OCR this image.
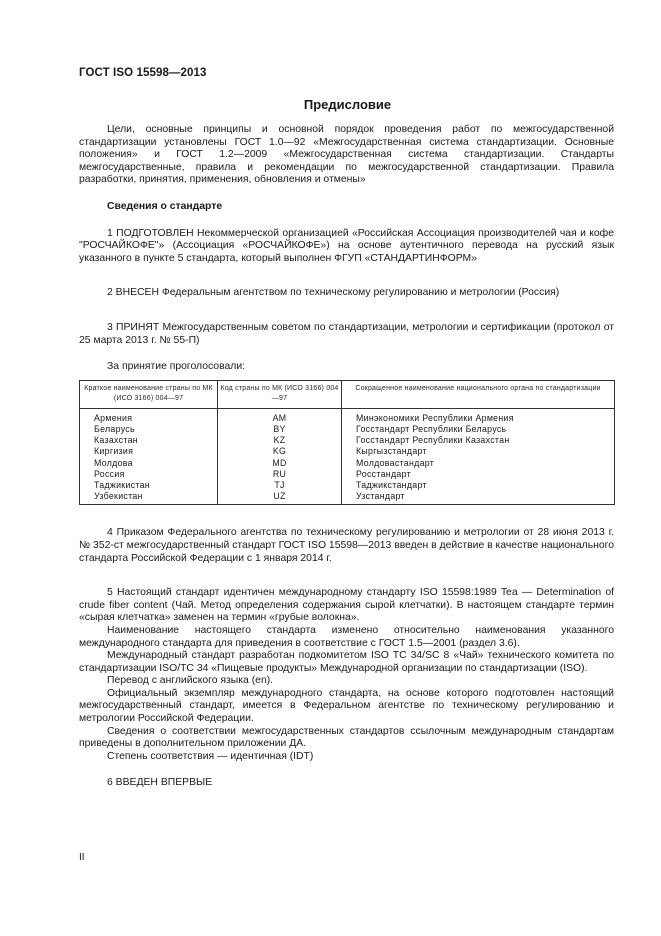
ГОСТ ISO 15598—2013
Предисловие

Цели, основные принципы и основной порядок проведения работ по межгосударственной стандартизации установлены ГОСТ 1.0—92 «Межгосударственная система стандартизации. Основные положения» и ГОСТ 1.2—2009 «Межгосударственная система стандартизации. Стандарты межгосударственные, правила и рекомендации по межгосударственной стандартизации. Правила разработки, принятия, применения, обновления и отмены»

Сведения о стандарте

1 ПОДГОТОВЛЕН Некоммерческой организацией «Российская Ассоциация производителей чая и кофе "РОСЧАЙКОФЕ"» (Ассоциация «РОСЧАЙКОФЕ») на основе аутентичного перевода на русский язык указанного в пункте 5 стандарта, который выполнен ФГУП «СТАНДАРТИНФОРМ»

2 ВНЕСЕН Федеральным агентством по техническому регулированию и метрологии (Россия)

3 ПРИНЯТ Межгосударственным советом по стандартизации, метрологии и сертификации (протокол от 25 марта 2013 г. № 55-П)

За принятие проголосовали:

Краткое наименование страны по МК (ИСО 3166) 004—97	Код страны по МК (ИСО 3166) 004—97	Сокращенное наименование национального органа по стандартизации
Армения	AM	Минэкономики Республики Армения
Беларусь	BY	Госстандарт Республики Беларусь
Казахстан	KZ	Госстандарт Республики Казахстан
Киргизия	KG	Кыргызстандарт
Молдова	MD	Молдовастандарт
Россия	RU	Росстандарт
Таджикистан	TJ	Таджикстандарт
Узбекистан	UZ	Узстандарт

4 Приказом Федерального агентства по техническому регулированию и метрологии от 28 июня 2013 г. № 352-ст межгосударственный стандарт ГОСТ ISO 15598—2013 введен в действие в качестве национального стандарта Российской Федерации с 1 января 2014 г.

5 Настоящий стандарт идентичен международному стандарту ISO 15598:1989 Tea — Determination of crude fiber content (Чай. Метод определения содержания сырой клетчатки). В настоящем стандарте термин «сырая клетчатка» заменен на термин «грубые волокна».

Наименование настоящего стандарта изменено относительно наименования указанного международного стандарта для приведения в соответствие с ГОСТ 1.5—2001 (раздел 3.6).

Международный стандарт разработан подкомитетом ISO TC 34/SC 8 «Чай» технического комитета по стандартизации ISO/TC 34 «Пищевые продукты» Международной организации по стандартизации (ISO).

Перевод с английского языка (en).

Официальный экземпляр международного стандарта, на основе которого подготовлен настоящий межгосударственный стандарт, имеется в Федеральном агентстве по техническому регулированию и метрологии Российской Федерации.

Сведения о соответствии межгосударственных стандартов ссылочным международным стандартам приведены в дополнительном приложении ДА.

Степень соответствия — идентичная (IDT)

6 ВВЕДЕН ВПЕРВЫЕ

II
